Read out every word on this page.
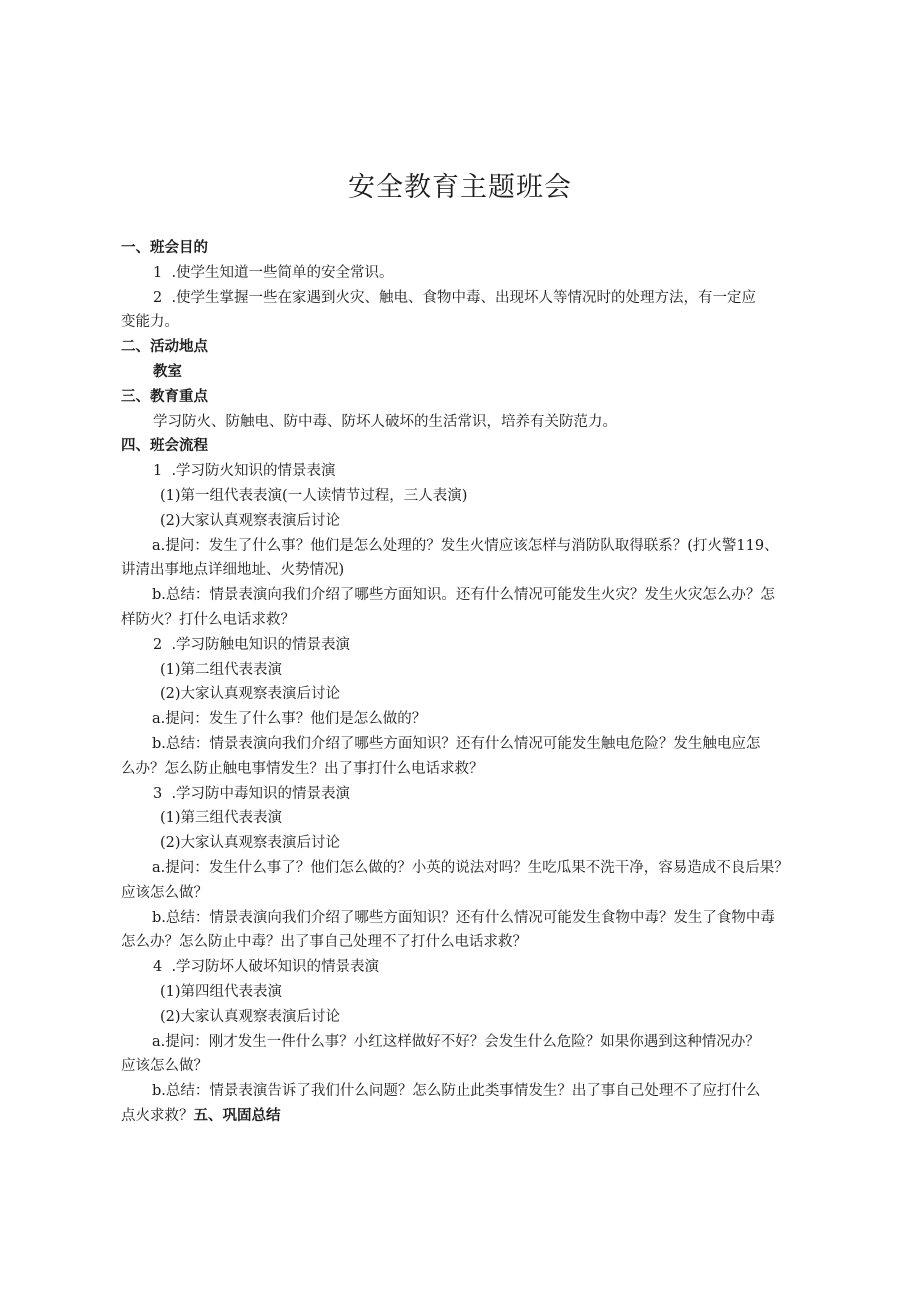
安全教育主题班会
一、班会目的
1  .使学生知道一些简单的安全常识。
2  .使学生掌握一些在家遇到火灾、触电、食物中毒、出现坏人等情况时的处理方法，有一定应
变能力。
二、活动地点
教室
三、教育重点
学习防火、防触电、防中毒、防坏人破坏的生活常识，培养有关防范力。
四、班会流程
1  .学习防火知识的情景表演
(1)第一组代表表演(一人读情节过程，三人表演)
(2)大家认真观察表演后讨论
a.提问：发生了什么事？他们是怎么处理的？发生火情应该怎样与消防队取得联系？(打火警119、
讲清出事地点详细地址、火势情况)
b.总结：情景表演向我们介绍了哪些方面知识。还有什么情况可能发生火灾？发生火灾怎么办？怎
样防火？打什么电话求救？
2  .学习防触电知识的情景表演
(1)第二组代表表演
(2)大家认真观察表演后讨论
a.提问：发生了什么事？他们是怎么做的？
b.总结：情景表演向我们介绍了哪些方面知识？还有什么情况可能发生触电危险？发生触电应怎
么办？怎么防止触电事情发生？出了事打什么电话求救？
3  .学习防中毒知识的情景表演
(1)第三组代表表演
(2)大家认真观察表演后讨论
a.提问：发生什么事了？他们怎么做的？小英的说法对吗？生吃瓜果不洗干净，容易造成不良后果？
应该怎么做？
b.总结：情景表演向我们介绍了哪些方面知识？还有什么情况可能发生食物中毒？发生了食物中毒
怎么办？怎么防止中毒？出了事自己处理不了打什么电话求救？
4  .学习防坏人破坏知识的情景表演
(1)第四组代表表演
(2)大家认真观察表演后讨论
a.提问：刚才发生一件什么事？小红这样做好不好？会发生什么危险？如果你遇到这种情况办？
应该怎么做？
b.总结：情景表演告诉了我们什么问题？怎么防止此类事情发生？出了事自己处理不了应打什么
点火求救？五、巩固总结
